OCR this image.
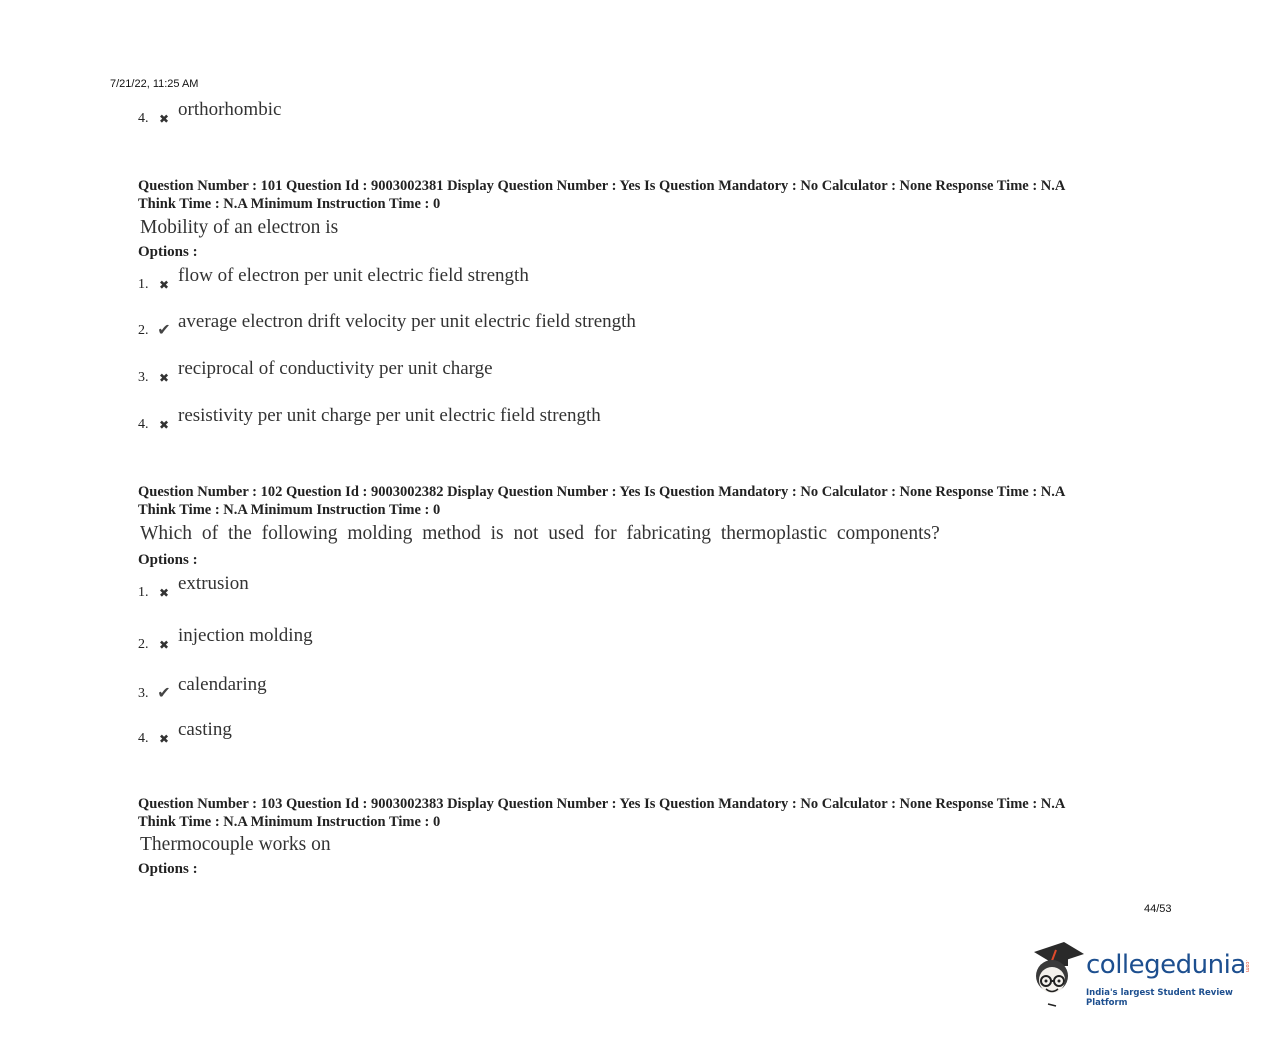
7/21/22, 11:25 AM
4. ✖ orthorhombic
Question Number : 101 Question Id : 9003002381 Display Question Number : Yes Is Question Mandatory : No Calculator : None Response Time : N.A
Think Time : N.A Minimum Instruction Time : 0
Mobility of an electron is
Options :
1. ✖ flow of electron per unit electric field strength
2. ✔ average electron drift velocity per unit electric field strength
3. ✖ reciprocal of conductivity per unit charge
4. ✖ resistivity per unit charge per unit electric field strength
Question Number : 102 Question Id : 9003002382 Display Question Number : Yes Is Question Mandatory : No Calculator : None Response Time : N.A
Think Time : N.A Minimum Instruction Time : 0
Which of the following molding method is not used for fabricating thermoplastic components?
Options :
1. ✖ extrusion
2. ✖ injection molding
3. ✔ calendaring
4. ✖ casting
Question Number : 103 Question Id : 9003002383 Display Question Number : Yes Is Question Mandatory : No Calculator : None Response Time : N.A
Think Time : N.A Minimum Instruction Time : 0
Thermocouple works on
Options :
44/53
collegedunia
.com
India's largest Student Review Platform
